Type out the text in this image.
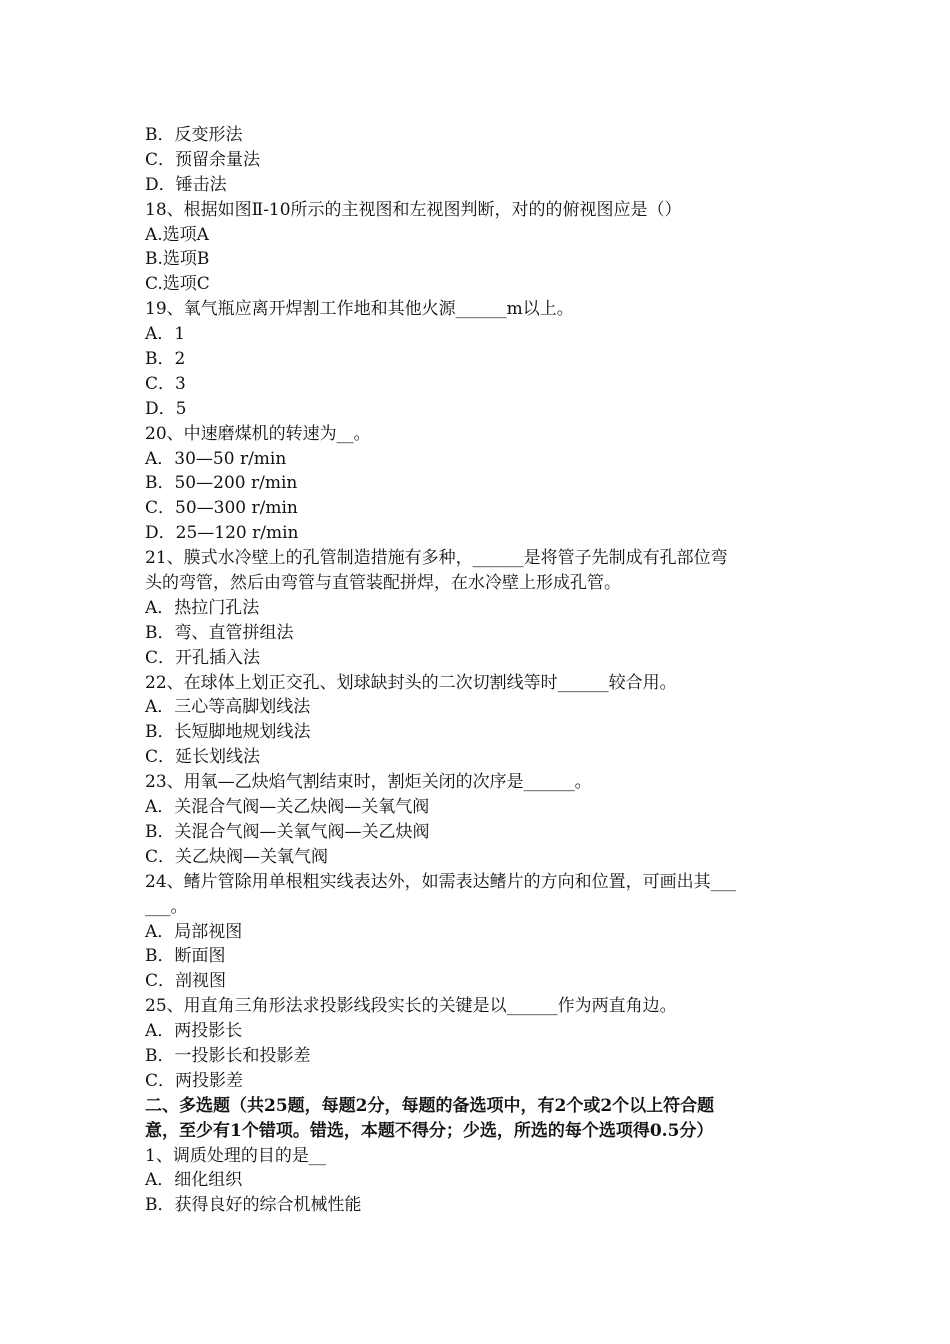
B．反变形法
C．预留余量法
D．锤击法
18、根据如图Ⅱ-10所示的主视图和左视图判断，对的的俯视图应是（）
A.选项A
B.选项B
C.选项C
19、氧气瓶应离开焊割工作地和其他火源______m以上。
A．1
B．2
C．3
D．5
20、中速磨煤机的转速为__。
A．30—50 r/min
B．50—200 r/min
C．50—300 r/min
D．25—120 r/min
21、膜式水冷壁上的孔管制造措施有多种，______是将管子先制成有孔部位弯
头的弯管，然后由弯管与直管装配拼焊，在水冷壁上形成孔管。
A．热拉门孔法
B．弯、直管拼组法
C．开孔插入法
22、在球体上划正交孔、划球缺封头的二次切割线等时______较合用。
A．三心等高脚划线法
B．长短脚地规划线法
C．延长划线法
23、用氧—乙炔焰气割结束时，割炬关闭的次序是______。
A．关混合气阀—关乙炔阀—关氧气阀
B．关混合气阀—关氧气阀—关乙炔阀
C．关乙炔阀—关氧气阀
24、鳍片管除用单根粗实线表达外，如需表达鳍片的方向和位置，可画出其___
___。
A．局部视图
B．断面图
C．剖视图
25、用直角三角形法求投影线段实长的关键是以______作为两直角边。
A．两投影长
B．一投影长和投影差
C．两投影差
二、多选题（共25题，每题2分，每题的备选项中，有2个或2个以上符合题
意，至少有1个错项。错选，本题不得分；少选，所选的每个选项得0.5分）
1、调质处理的目的是__
A．细化组织
B．获得良好的综合机械性能
